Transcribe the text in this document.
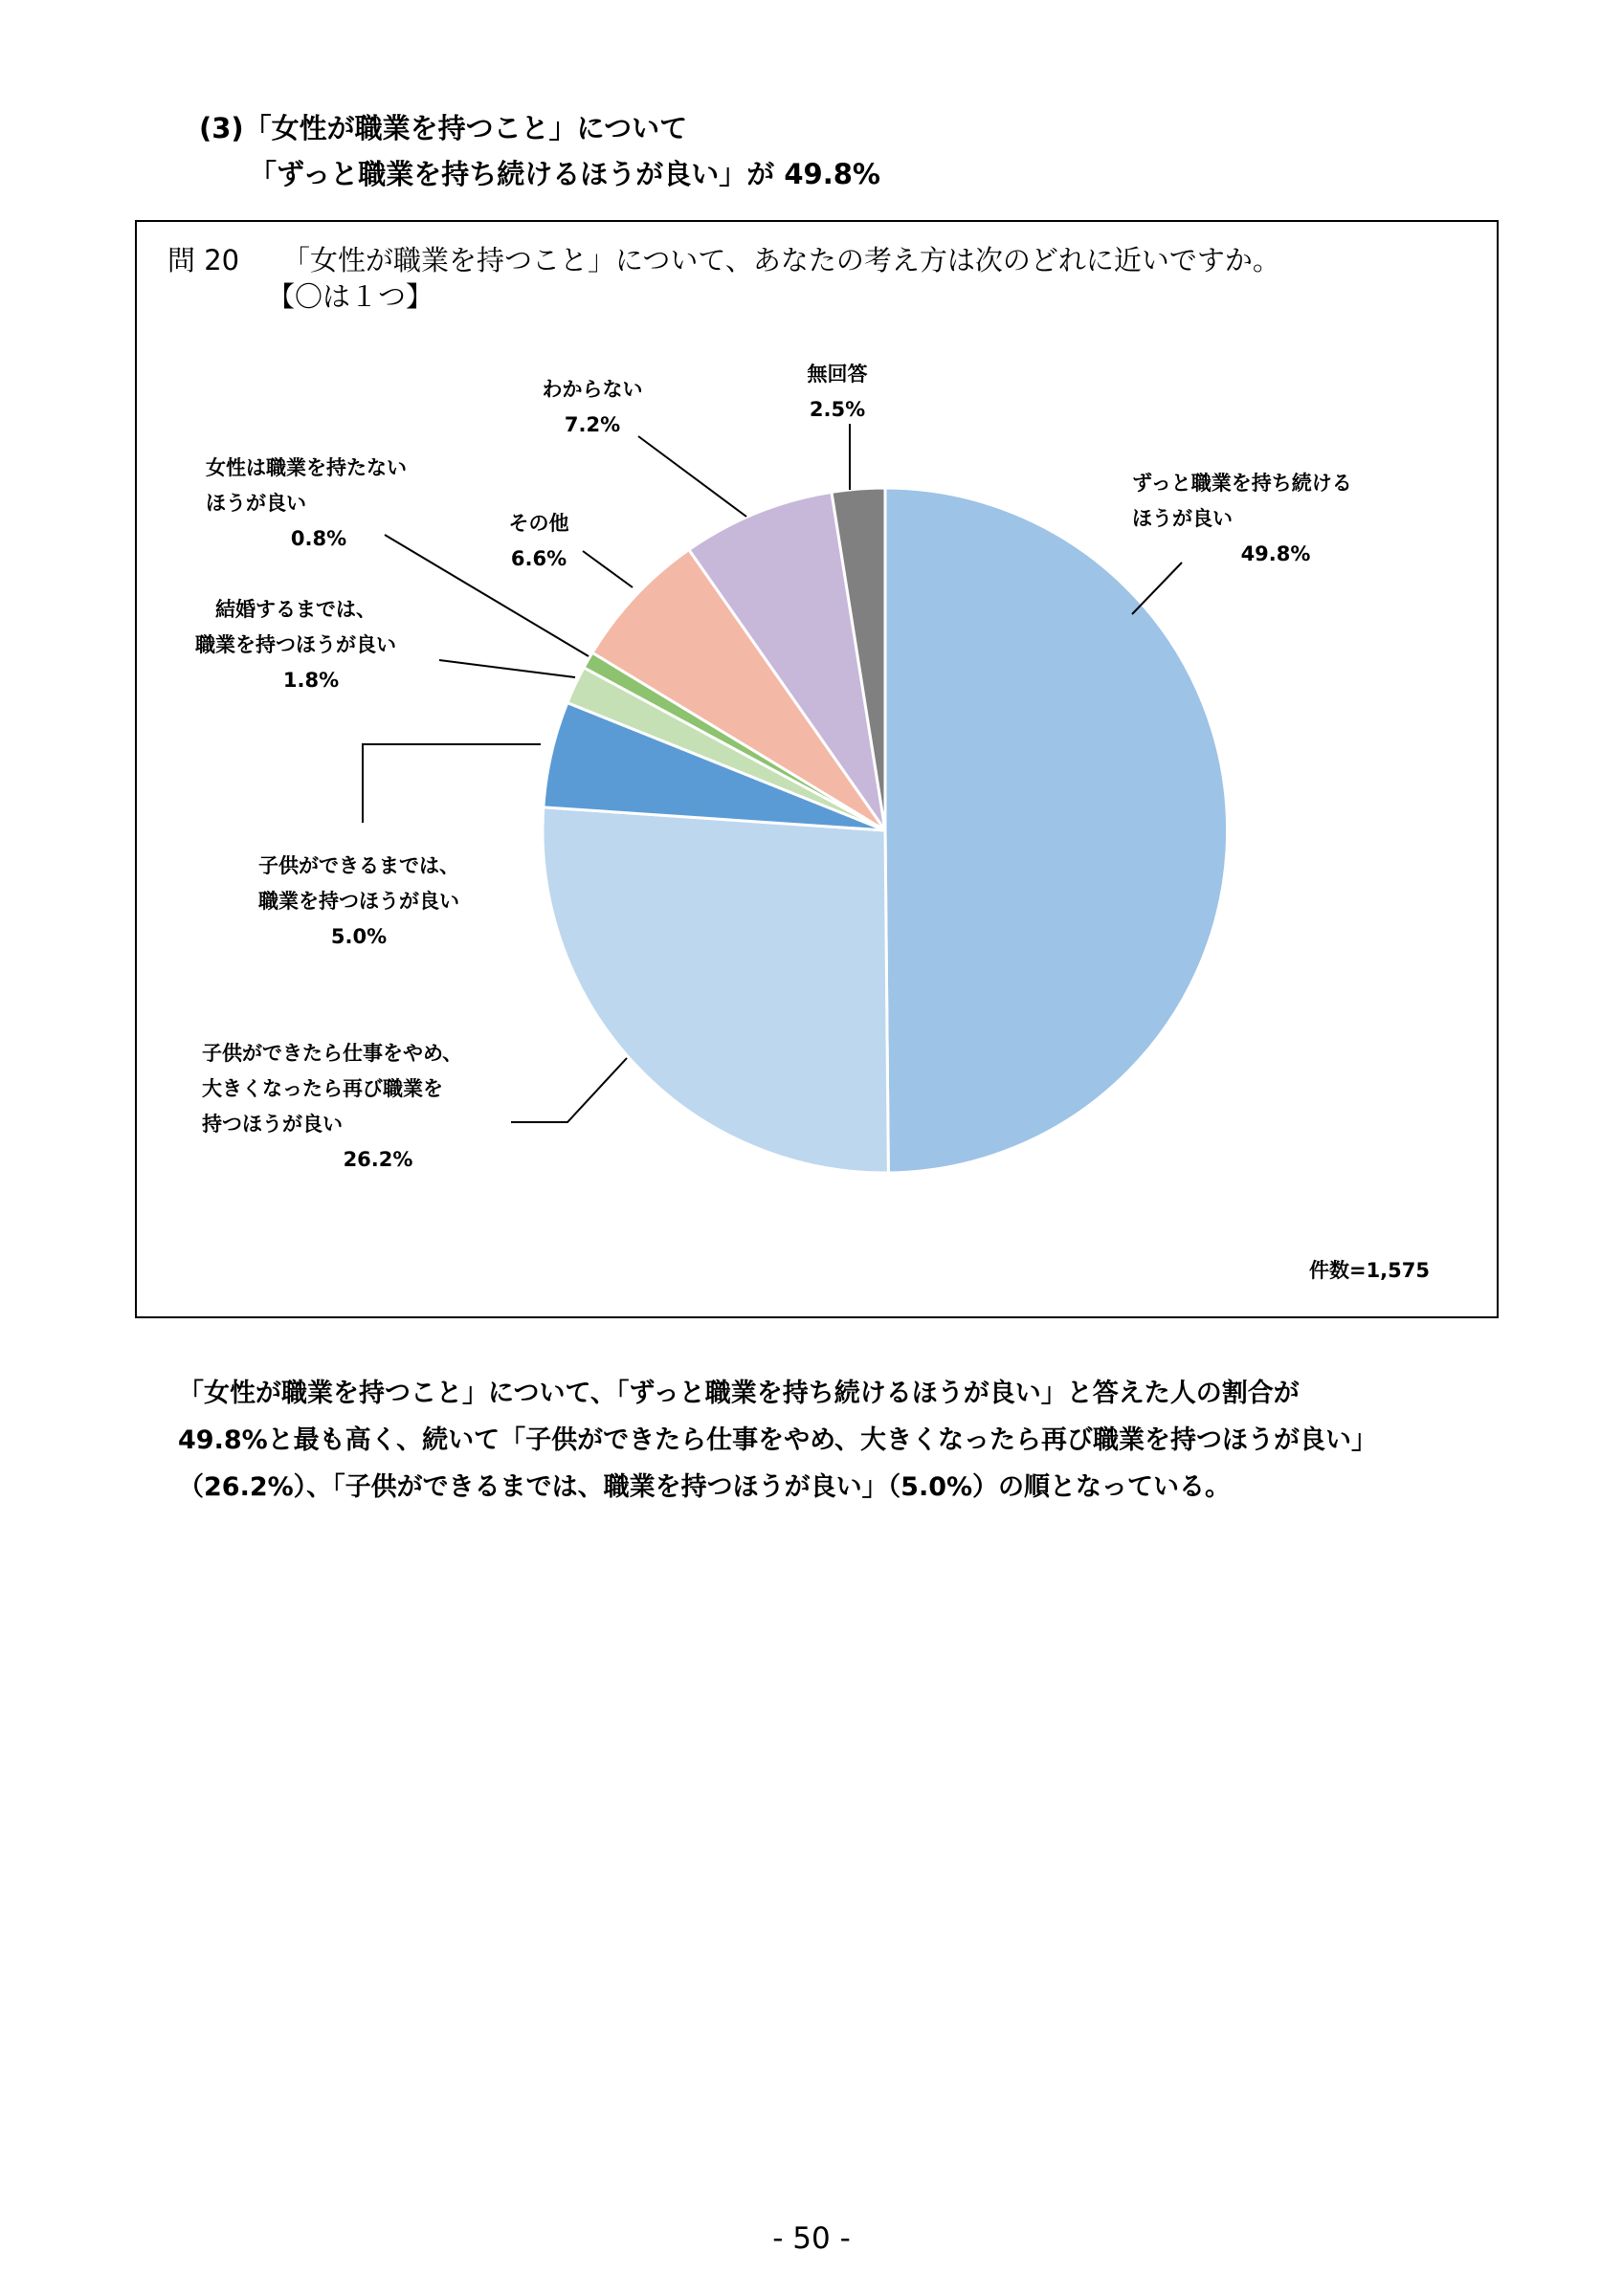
(3)「女性が職業を持つこと」について
「ずっと職業を持ち続けるほうが良い」が 49.8%
問 20 「女性が職業を持つこと」について、あなたの考え方は次のどれに近いですか。
【〇は１つ】
ずっと職業を持ち続ける
ほうが良い
49.8%
子供ができたら仕事をやめ、
大きくなったら再び職業を
持つほうが良い
26.2%
子供ができるまでは、
職業を持つほうが良い
5.0%
結婚するまでは、
職業を持つほうが良い
1.8%
女性は職業を持たない
ほうが良い
0.8%
その他
6.6%
わからない
7.2%
無回答
2.5%
件数=1,575
「女性が職業を持つこと」について、「ずっと職業を持ち続けるほうが良い」と答えた人の割合が
49.8%と最も高く、続いて「子供ができたら仕事をやめ、大きくなったら再び職業を持つほうが良い」
（26.2%）、「子供ができるまでは、職業を持つほうが良い」（5.0%）の順となっている。
- 50 -
